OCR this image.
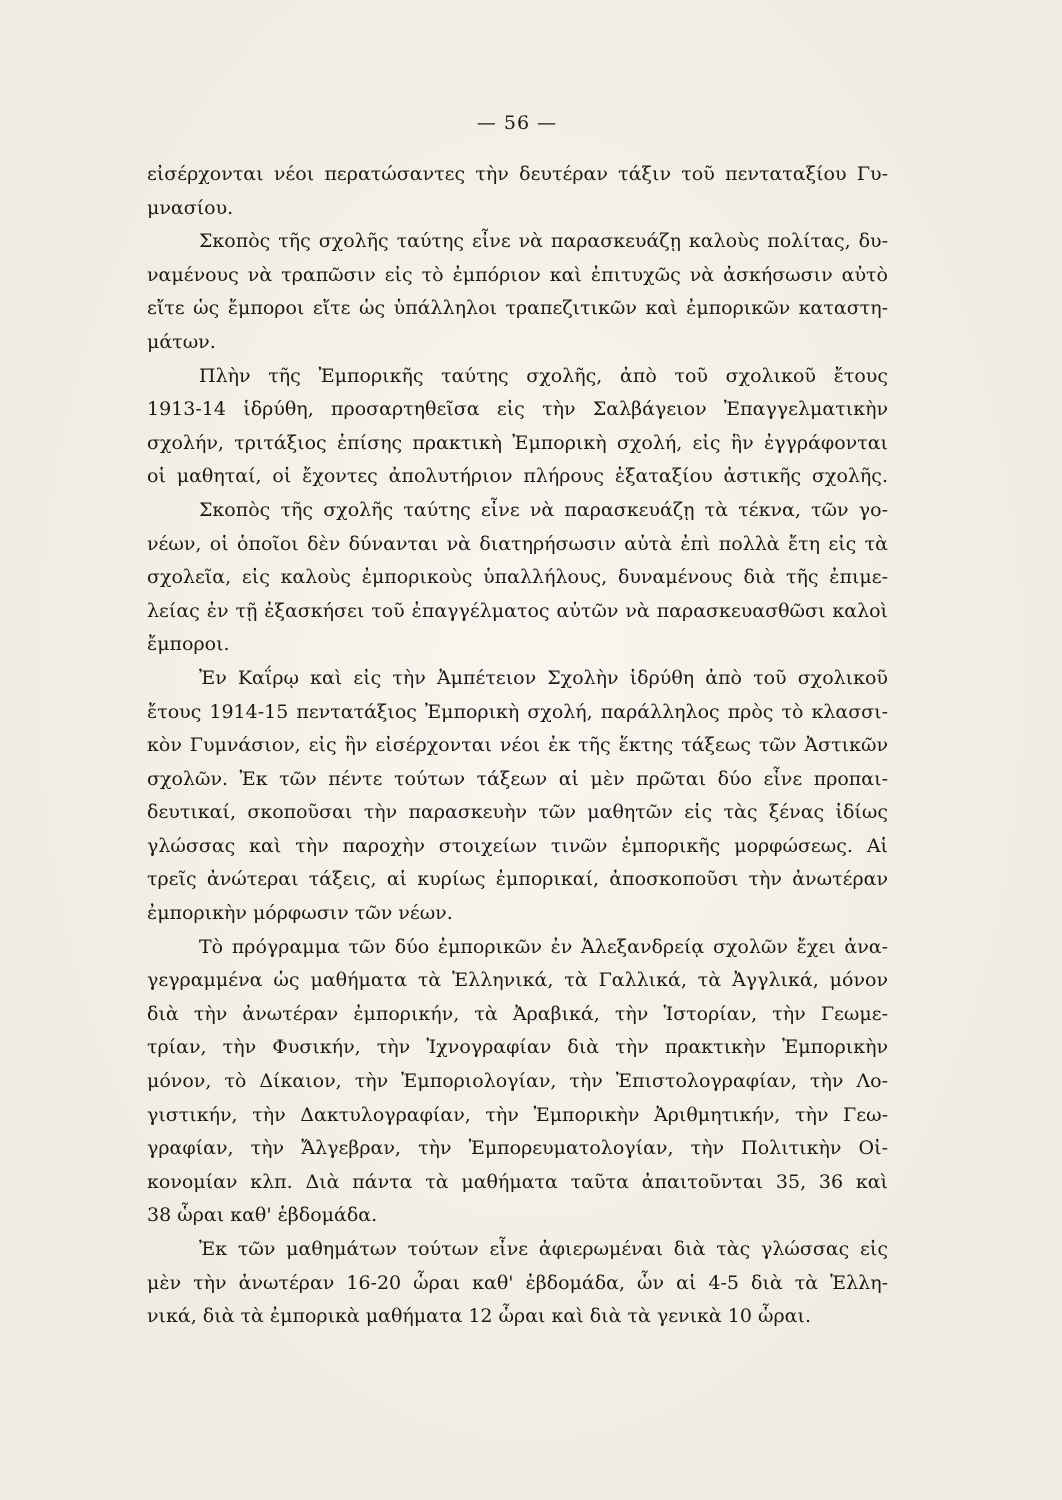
— 56 —
εἰσέρχονται νέοι περατώσαντες τὴν δευτέραν τάξιν τοῦ πενταταξίου Γυ-
μνασίου.
Σκοπὸς τῆς σχολῆς ταύτης εἶνε νὰ παρασκευάζῃ καλοὺς πολίτας, δυ-
ναμένους νὰ τραπῶσιν εἰς τὸ ἐμπόριον καὶ ἐπιτυχῶς νὰ ἀσκήσωσιν αὐτὸ
εἴτε ὡς ἔμποροι εἴτε ὡς ὑπάλληλοι τραπεζιτικῶν καὶ ἐμπορικῶν καταστη-
μάτων.
Πλὴν τῆς Ἐμπορικῆς ταύτης σχολῆς, ἀπὸ τοῦ σχολικοῦ ἔτους
1913-14 ἱδρύθη, προσαρτηθεῖσα εἰς τὴν Σαλβάγειον Ἐπαγγελματικὴν
σχολήν, τριτάξιος ἐπίσης πρακτικὴ Ἐμπορικὴ σχολή, εἰς ἣν ἐγγράφονται
οἱ μαθηταί, οἱ ἔχοντες ἀπολυτήριον πλήρους ἑξαταξίου ἀστικῆς σχολῆς.
Σκοπὸς τῆς σχολῆς ταύτης εἶνε νὰ παρασκευάζῃ τὰ τέκνα, τῶν γο-
νέων, οἱ ὁποῖοι δὲν δύνανται νὰ διατηρήσωσιν αὐτὰ ἐπὶ πολλὰ ἔτη εἰς τὰ
σχολεῖα, εἰς καλοὺς ἐμπορικοὺς ὑπαλλήλους, δυναμένους διὰ τῆς ἐπιμε-
λείας ἐν τῇ ἐξασκήσει τοῦ ἐπαγγέλματος αὐτῶν νὰ παρασκευασθῶσι καλοὶ
ἔμποροι.
Ἐν Καΐρῳ καὶ εἰς τὴν Ἀμπέτειον Σχολὴν ἱδρύθη ἀπὸ τοῦ σχολικοῦ
ἔτους 1914-15 πεντατάξιος Ἐμπορικὴ σχολή, παράλληλος πρὸς τὸ κλασσι-
κὸν Γυμνάσιον, εἰς ἣν εἰσέρχονται νέοι ἐκ τῆς ἕκτης τάξεως τῶν Ἀστικῶν
σχολῶν. Ἐκ τῶν πέντε τούτων τάξεων αἱ μὲν πρῶται δύο εἶνε προπαι-
δευτικαί, σκοποῦσαι τὴν παρασκευὴν τῶν μαθητῶν εἰς τὰς ξένας ἰδίως
γλώσσας καὶ τὴν παροχὴν στοιχείων τινῶν ἐμπορικῆς μορφώσεως. Αἱ
τρεῖς ἀνώτεραι τάξεις, αἱ κυρίως ἐμπορικαί, ἀποσκοποῦσι τὴν ἀνωτέραν
ἐμπορικὴν μόρφωσιν τῶν νέων.
Τὸ πρόγραμμα τῶν δύο ἐμπορικῶν ἐν Ἀλεξανδρείᾳ σχολῶν ἔχει ἀνα-
γεγραμμένα ὡς μαθήματα τὰ Ἑλληνικά, τὰ Γαλλικά, τὰ Ἀγγλικά, μόνον
διὰ τὴν ἀνωτέραν ἐμπορικήν, τὰ Ἀραβικά, τὴν Ἱστορίαν, τὴν Γεωμε-
τρίαν, τὴν Φυσικήν, τὴν Ἰχνογραφίαν διὰ τὴν πρακτικὴν Ἐμπορικὴν
μόνον, τὸ Δίκαιον, τὴν Ἐμποριολογίαν, τὴν Ἐπιστολογραφίαν, τὴν Λο-
γιστικήν, τὴν Δακτυλογραφίαν, τὴν Ἐμπορικὴν Ἀριθμητικήν, τὴν Γεω-
γραφίαν, τὴν Ἄλγεβραν, τὴν Ἐμπορευματολογίαν, τὴν Πολιτικὴν Οἰ-
κονομίαν κλπ. Διὰ πάντα τὰ μαθήματα ταῦτα ἀπαιτοῦνται 35, 36 καὶ
38 ὧραι καθ' ἑβδομάδα.
Ἐκ τῶν μαθημάτων τούτων εἶνε ἀφιερωμέναι διὰ τὰς γλώσσας εἰς
μὲν τὴν ἀνωτέραν 16-20 ὧραι καθ' ἑβδομάδα, ὧν αἱ 4-5 διὰ τὰ Ἑλλη-
νικά, διὰ τὰ ἐμπορικὰ μαθήματα 12 ὧραι καὶ διὰ τὰ γενικὰ 10 ὧραι.
